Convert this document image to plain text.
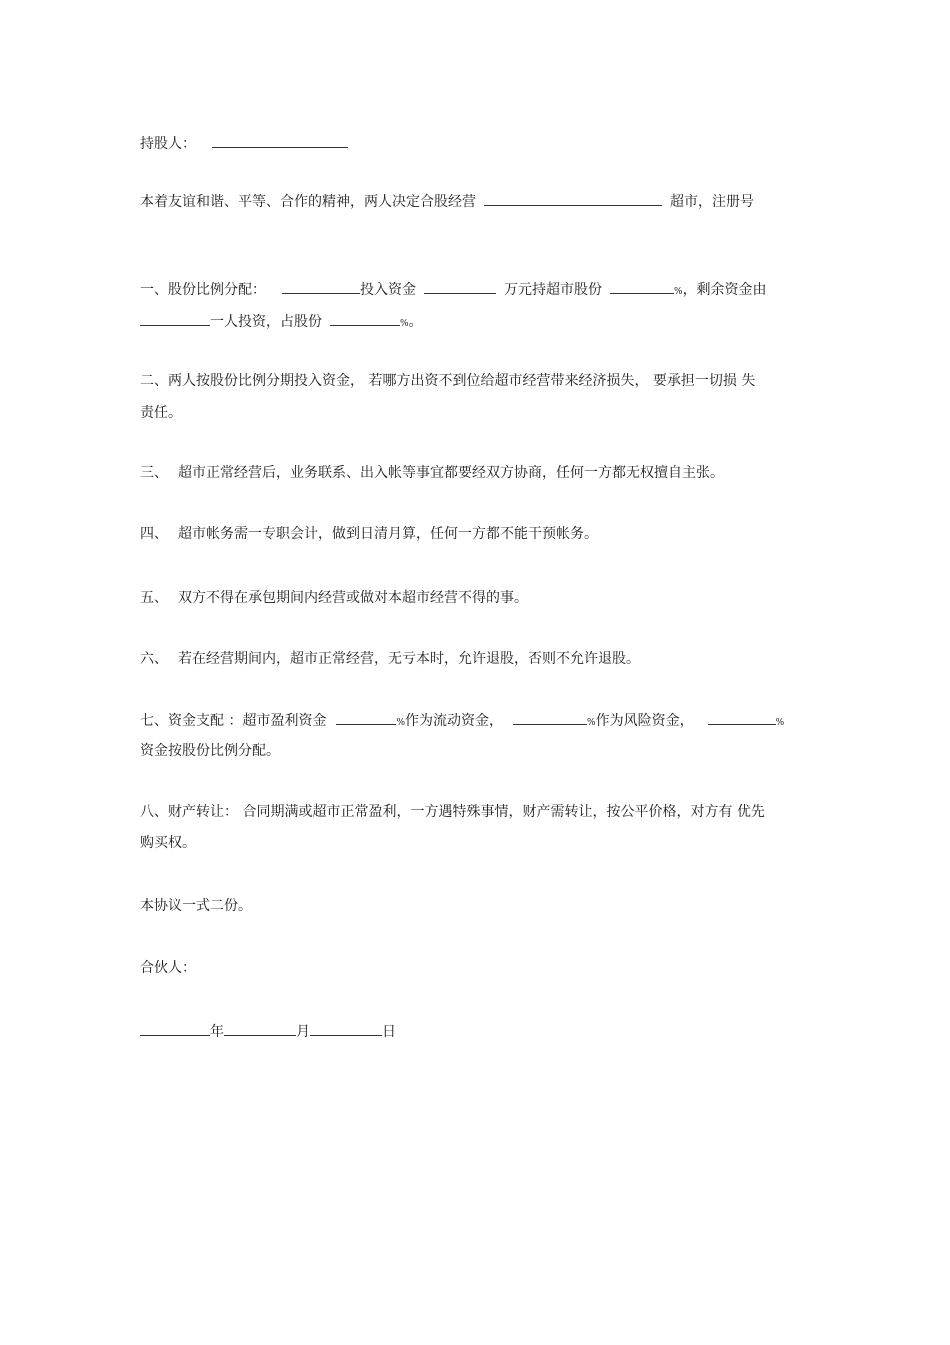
持股人：
本着友谊和谐、平等、合作的精神，两人决定合股经营	超市，注册号
一、股份比例分配：	投入资金	万元持超市股份	%，剩余资金由
一人投资，占股份	%。
二、两人按股份比例分期投入资金， 若哪方出资不到位给超市经营带来经济损失， 要承担一切损 失
责任。
三、 超市正常经营后，业务联系、出入帐等事宜都要经双方协商，任何一方都无权擅自主张。
四、 超市帐务需一专职会计，做到日清月算，任何一方都不能干预帐务。
五、 双方不得在承包期间内经营或做对本超市经营不得的事。
六、 若在经营期间内，超市正常经营，无亏本时，允许退股，否则不允许退股。
七、资金支配 ：超市盈利资金	%作为流动资金，	%作为风险资金，	%
资金按股份比例分配。
八、财产转让： 合同期满或超市正常盈利，一方遇特殊事情，财产需转让，按公平价格，对方有 优先
购买权。
本协议一式二份。
合伙人：
年	月	日
